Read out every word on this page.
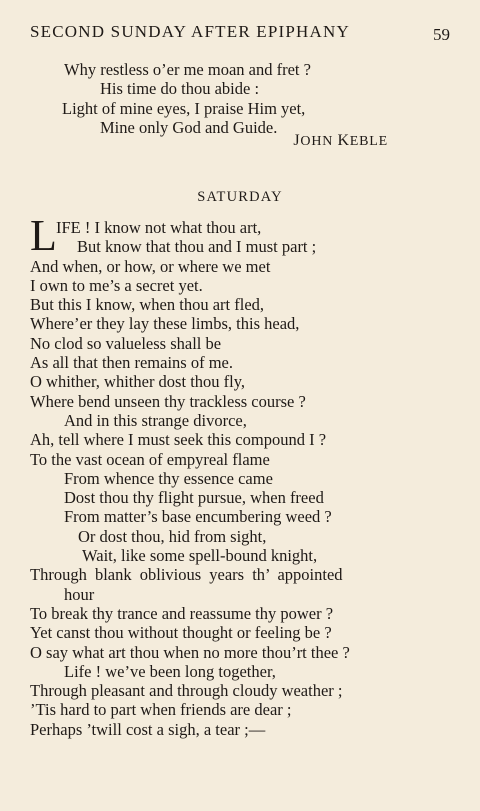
SECOND SUNDAY AFTER EPIPHANY	59
Why restless o’er me moan and fret ?
His time do thou abide :
Light of mine eyes, I praise Him yet,
Mine only God and Guide.
JOHN KEBLE
SATURDAY
L IFE ! I know not what thou art,
But know that thou and I must part ;
And when, or how, or where we met
I own to me’s a secret yet.
But this I know, when thou art fled,
Where’er they lay these limbs, this head,
No clod so valueless shall be
As all that then remains of me.
O whither, whither dost thou fly,
Where bend unseen thy trackless course ?
And in this strange divorce,
Ah, tell where I must seek this compound I ?
To the vast ocean of empyreal flame
From whence thy essence came
Dost thou thy flight pursue, when freed
From matter’s base encumbering weed ?
Or dost thou, hid from sight,
Wait, like some spell-bound knight,
Through blank oblivious years th’ appointed
hour
To break thy trance and reassume thy power ?
Yet canst thou without thought or feeling be ?
O say what art thou when no more thou’rt thee ?
Life ! we’ve been long together,
Through pleasant and through cloudy weather ;
’Tis hard to part when friends are dear ;
Perhaps ’twill cost a sigh, a tear ;—
